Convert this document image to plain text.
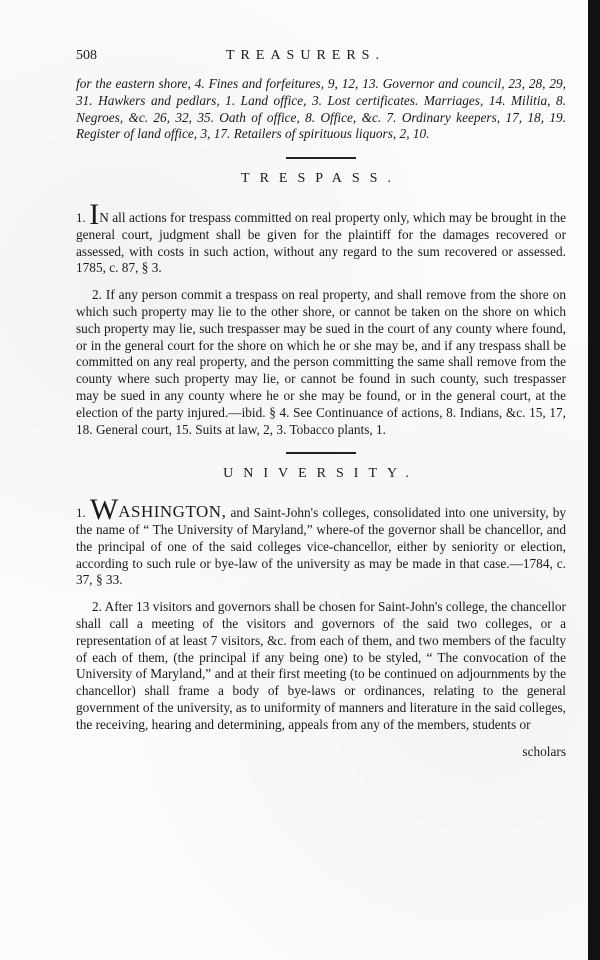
508	TREASURERS.

for the eastern shore, 4. Fines and forfeitures, 9, 12, 13. Governor and council, 23, 28, 29, 31. Hawkers and pedlars, 1. Land office, 3. Lost certificates. Marriages, 14. Militia, 8. Negroes, &c. 26, 32, 35. Oath of office, 8. Office, &c. 7. Ordinary keepers, 17, 18, 19. Register of land office, 3, 17. Retailers of spirituous liquors, 2, 10.

TRESPASS.

1. IN all actions for trespass committed on real property only, which may be brought in the general court, judgment shall be given for the plaintiff for the damages recovered or assessed, with costs in such action, without any regard to the sum recovered or assessed. 1785, c. 87, § 3.

2. If any person commit a trespass on real property, and shall remove from the shore on which such property may lie to the other shore, or cannot be taken on the shore on which such property may lie, such trespasser may be sued in the court of any county where found, or in the general court for the shore on which he or she may be, and if any trespass shall be committed on any real property, and the person committing the same shall remove from the county where such property may lie, or cannot be found in such county, such trespasser may be sued in any county where he or she may be found, or in the general court, at the election of the party injured.—ibid. § 4. See Continuance of actions, 8. Indians, &c. 15, 17, 18. General court, 15. Suits at law, 2, 3. Tobacco plants, 1.

UNIVERSITY.

1. WASHINGTON, and Saint-John's colleges, consolidated into one university, by the name of “ The University of Maryland,” where-of the governor shall be chancellor, and the principal of one of the said colleges vice-chancellor, either by seniority or election, according to such rule or bye-law of the university as may be made in that case.—1784, c. 37, § 33.

2. After 13 visitors and governors shall be chosen for Saint-John's college, the chancellor shall call a meeting of the visitors and governors of the said two colleges, or a representation of at least 7 visitors, &c. from each of them, and two members of the faculty of each of them, (the principal if any being one) to be styled, “ The convocation of the University of Maryland,” and at their first meeting (to be continued on adjournments by the chancellor) shall frame a body of bye-laws or ordinances, relating to the general government of the university, as to uniformity of manners and literature in the said colleges, the receiving, hearing and determining, appeals from any of the members, students or

scholars
